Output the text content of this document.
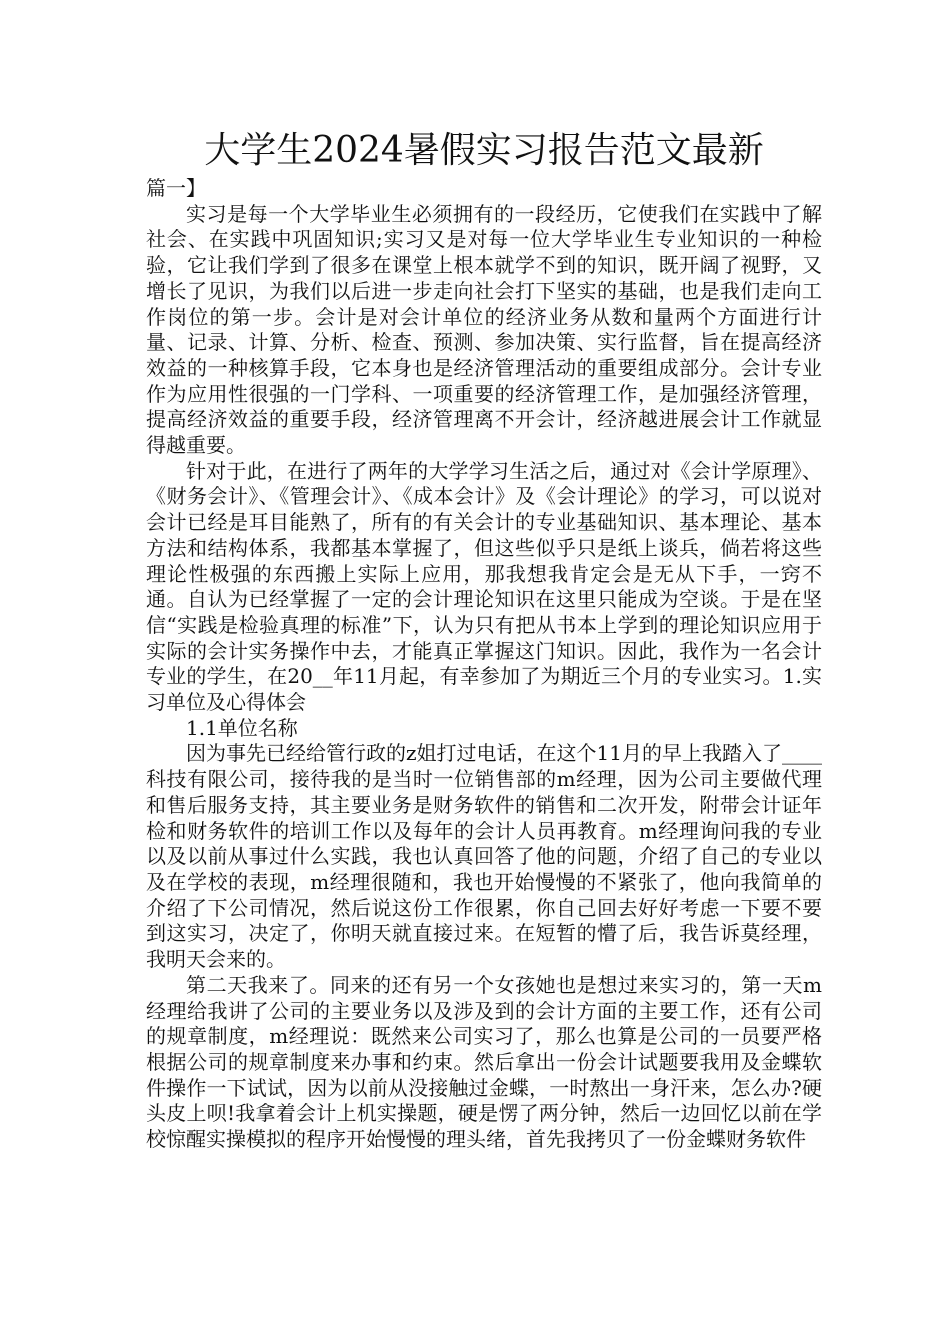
大学生2024暑假实习报告范文最新

篇一】

实习是每一个大学毕业生必须拥有的一段经历，它使我们在实践中了解社会、在实践中巩固知识;实习又是对每一位大学毕业生专业知识的一种检验，它让我们学到了很多在课堂上根本就学不到的知识，既开阔了视野，又增长了见识，为我们以后进一步走向社会打下坚实的基础，也是我们走向工作岗位的第一步。会计是对会计单位的经济业务从数和量两个方面进行计量、记录、计算、分析、检查、预测、参加决策、实行监督，旨在提高经济效益的一种核算手段，它本身也是经济管理活动的重要组成部分。会计专业作为应用性很强的一门学科、一项重要的经济管理工作，是加强经济管理，提高经济效益的重要手段，经济管理离不开会计，经济越进展会计工作就显得越重要。

针对于此，在进行了两年的大学学习生活之后，通过对《会计学原理》、《财务会计》、《管理会计》、《成本会计》及《会计理论》的学习，可以说对会计已经是耳目能熟了，所有的有关会计的专业基础知识、基本理论、基本方法和结构体系，我都基本掌握了，但这些似乎只是纸上谈兵，倘若将这些理论性极强的东西搬上实际上应用，那我想我肯定会是无从下手，一窍不通。自认为已经掌握了一定的会计理论知识在这里只能成为空谈。于是在坚信“实践是检验真理的标准”下，认为只有把从书本上学到的理论知识应用于实际的会计实务操作中去，才能真正掌握这门知识。因此，我作为一名会计专业的学生，在20__年11月起，有幸参加了为期近三个月的专业实习。1.实习单位及心得体会

1.1单位名称

因为事先已经给管行政的z姐打过电话，在这个11月的早上我踏入了____科技有限公司，接待我的是当时一位销售部的m经理，因为公司主要做代理和售后服务支持，其主要业务是财务软件的销售和二次开发，附带会计证年检和财务软件的培训工作以及每年的会计人员再教育。m经理询问我的专业以及以前从事过什么实践，我也认真回答了他的问题，介绍了自己的专业以及在学校的表现，m经理很随和，我也开始慢慢的不紧张了，他向我简单的介绍了下公司情况，然后说这份工作很累，你自己回去好好考虑一下要不要到这实习，决定了，你明天就直接过来。在短暂的懵了后，我告诉莫经理，我明天会来的。

第二天我来了。同来的还有另一个女孩她也是想过来实习的，第一天m经理给我讲了公司的主要业务以及涉及到的会计方面的主要工作，还有公司的规章制度，m经理说：既然来公司实习了，那么也算是公司的一员要严格根据公司的规章制度来办事和约束。然后拿出一份会计试题要我用及金蝶软件操作一下试试，因为以前从没接触过金蝶，一时熬出一身汗来，怎么办?硬头皮上呗!我拿着会计上机实操题，硬是愣了两分钟，然后一边回忆以前在学校惊醒实操模拟的程序开始慢慢的理头绪，首先我拷贝了一份金蝶财务软件
